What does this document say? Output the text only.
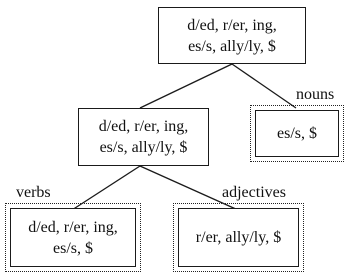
d/ed, r/er, ing,
es/s, ally/ly, $
d/ed, r/er, ing,
es/s, ally/ly, $
nouns
es/s, $
verbs
d/ed, r/er, ing,
es/s, $
adjectives
r/er, ally/ly, $
